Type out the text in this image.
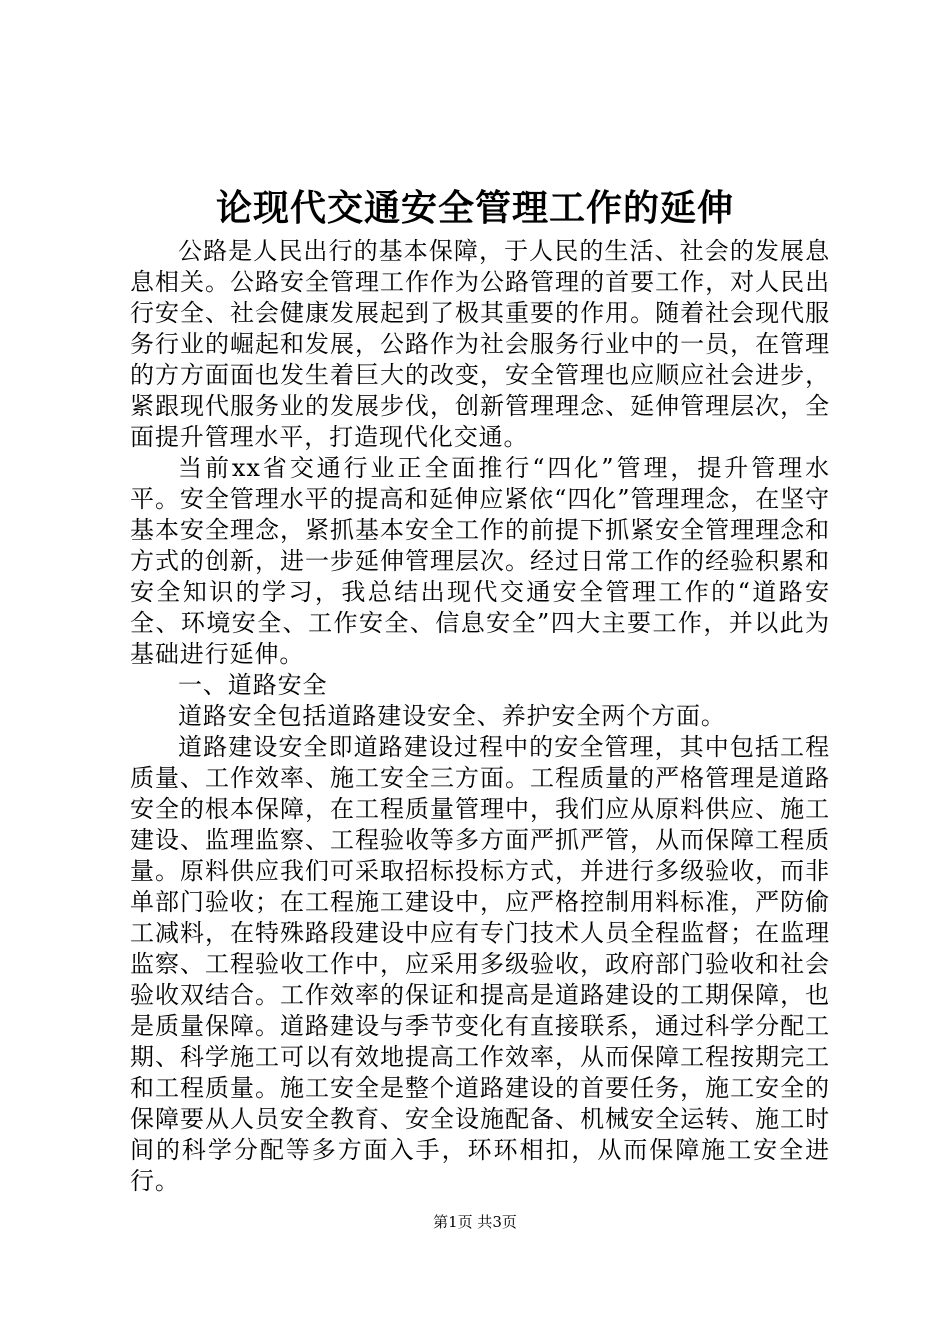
论现代交通安全管理工作的延伸

公路是人民出行的基本保障，于人民的生活、社会的发展息息相关。公路安全管理工作作为公路管理的首要工作，对人民出行安全、社会健康发展起到了极其重要的作用。随着社会现代服务行业的崛起和发展，公路作为社会服务行业中的一员，在管理的方方面面也发生着巨大的改变，安全管理也应顺应社会进步，紧跟现代服务业的发展步伐，创新管理理念、延伸管理层次，全面提升管理水平，打造现代化交通。

当前xx省交通行业正全面推行“四化”管理，提升管理水平。安全管理水平的提高和延伸应紧依“四化”管理理念，在坚守基本安全理念，紧抓基本安全工作的前提下抓紧安全管理理念和方式的创新，进一步延伸管理层次。经过日常工作的经验积累和安全知识的学习，我总结出现代交通安全管理工作的“道路安全、环境安全、工作安全、信息安全”四大主要工作，并以此为基础进行延伸。

一、道路安全

道路安全包括道路建设安全、养护安全两个方面。

道路建设安全即道路建设过程中的安全管理，其中包括工程质量、工作效率、施工安全三方面。工程质量的严格管理是道路安全的根本保障，在工程质量管理中，我们应从原料供应、施工建设、监理监察、工程验收等多方面严抓严管，从而保障工程质量。原料供应我们可采取招标投标方式，并进行多级验收，而非单部门验收；在工程施工建设中，应严格控制用料标准，严防偷工减料，在特殊路段建设中应有专门技术人员全程监督；在监理监察、工程验收工作中，应采用多级验收，政府部门验收和社会验收双结合。工作效率的保证和提高是道路建设的工期保障，也是质量保障。道路建设与季节变化有直接联系，通过科学分配工期、科学施工可以有效地提高工作效率，从而保障工程按期完工和工程质量。施工安全是整个道路建设的首要任务，施工安全的保障要从人员安全教育、安全设施配备、机械安全运转、施工时间的科学分配等多方面入手，环环相扣，从而保障施工安全进行。

第1页 共3页
